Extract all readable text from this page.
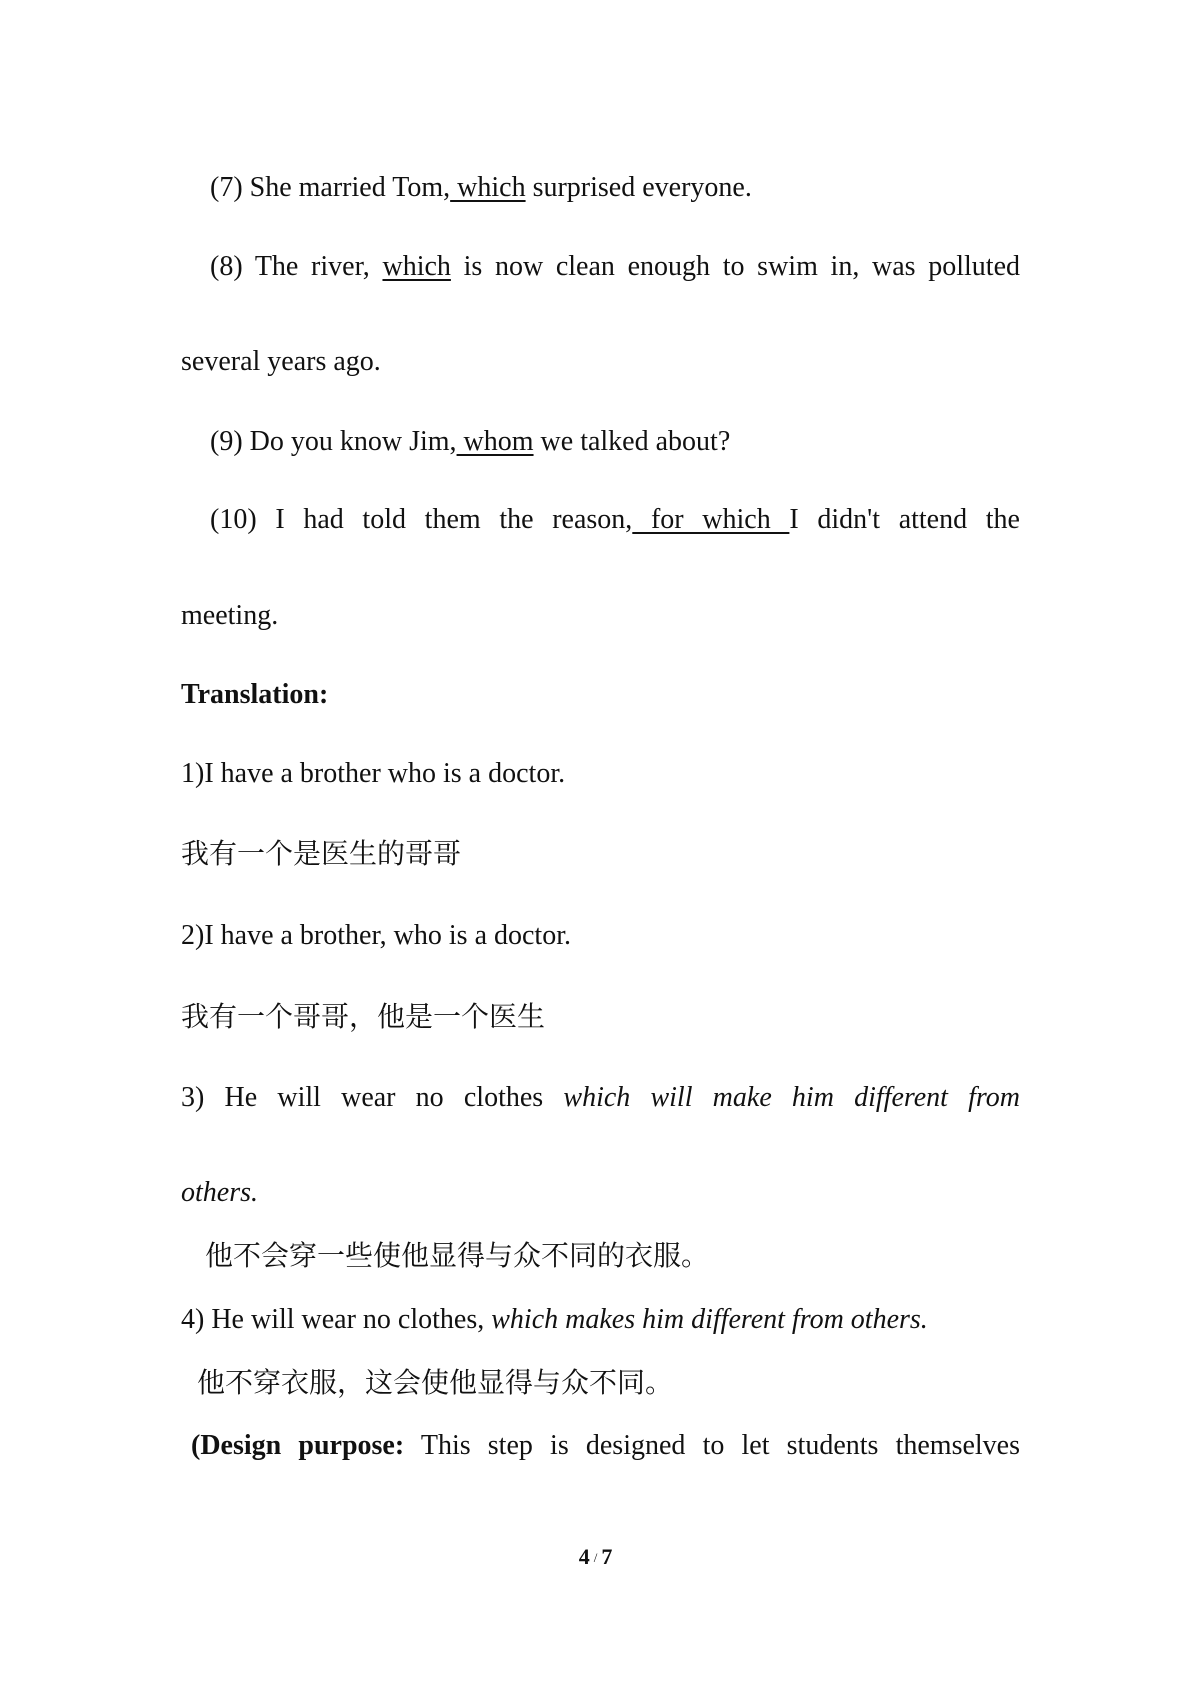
(7) She married Tom, which surprised everyone.
(8) The river, which is now clean enough to swim in, was polluted
several years ago.
(9) Do you know Jim, whom we talked about?
(10) I had told them the reason, for which I didn't attend the
meeting.
Translation:
1)I have a brother who is a doctor.
我有一个是医生的哥哥
2)I have a brother, who is a doctor.
我有一个哥哥，他是一个医生
3) He will wear no clothes which will make him different from
others.
他不会穿一些使他显得与众不同的衣服。
4) He will wear no clothes, which makes him different from others.
他不穿衣服，这会使他显得与众不同。
(Design purpose: This step is designed to let students themselves
4 / 7
